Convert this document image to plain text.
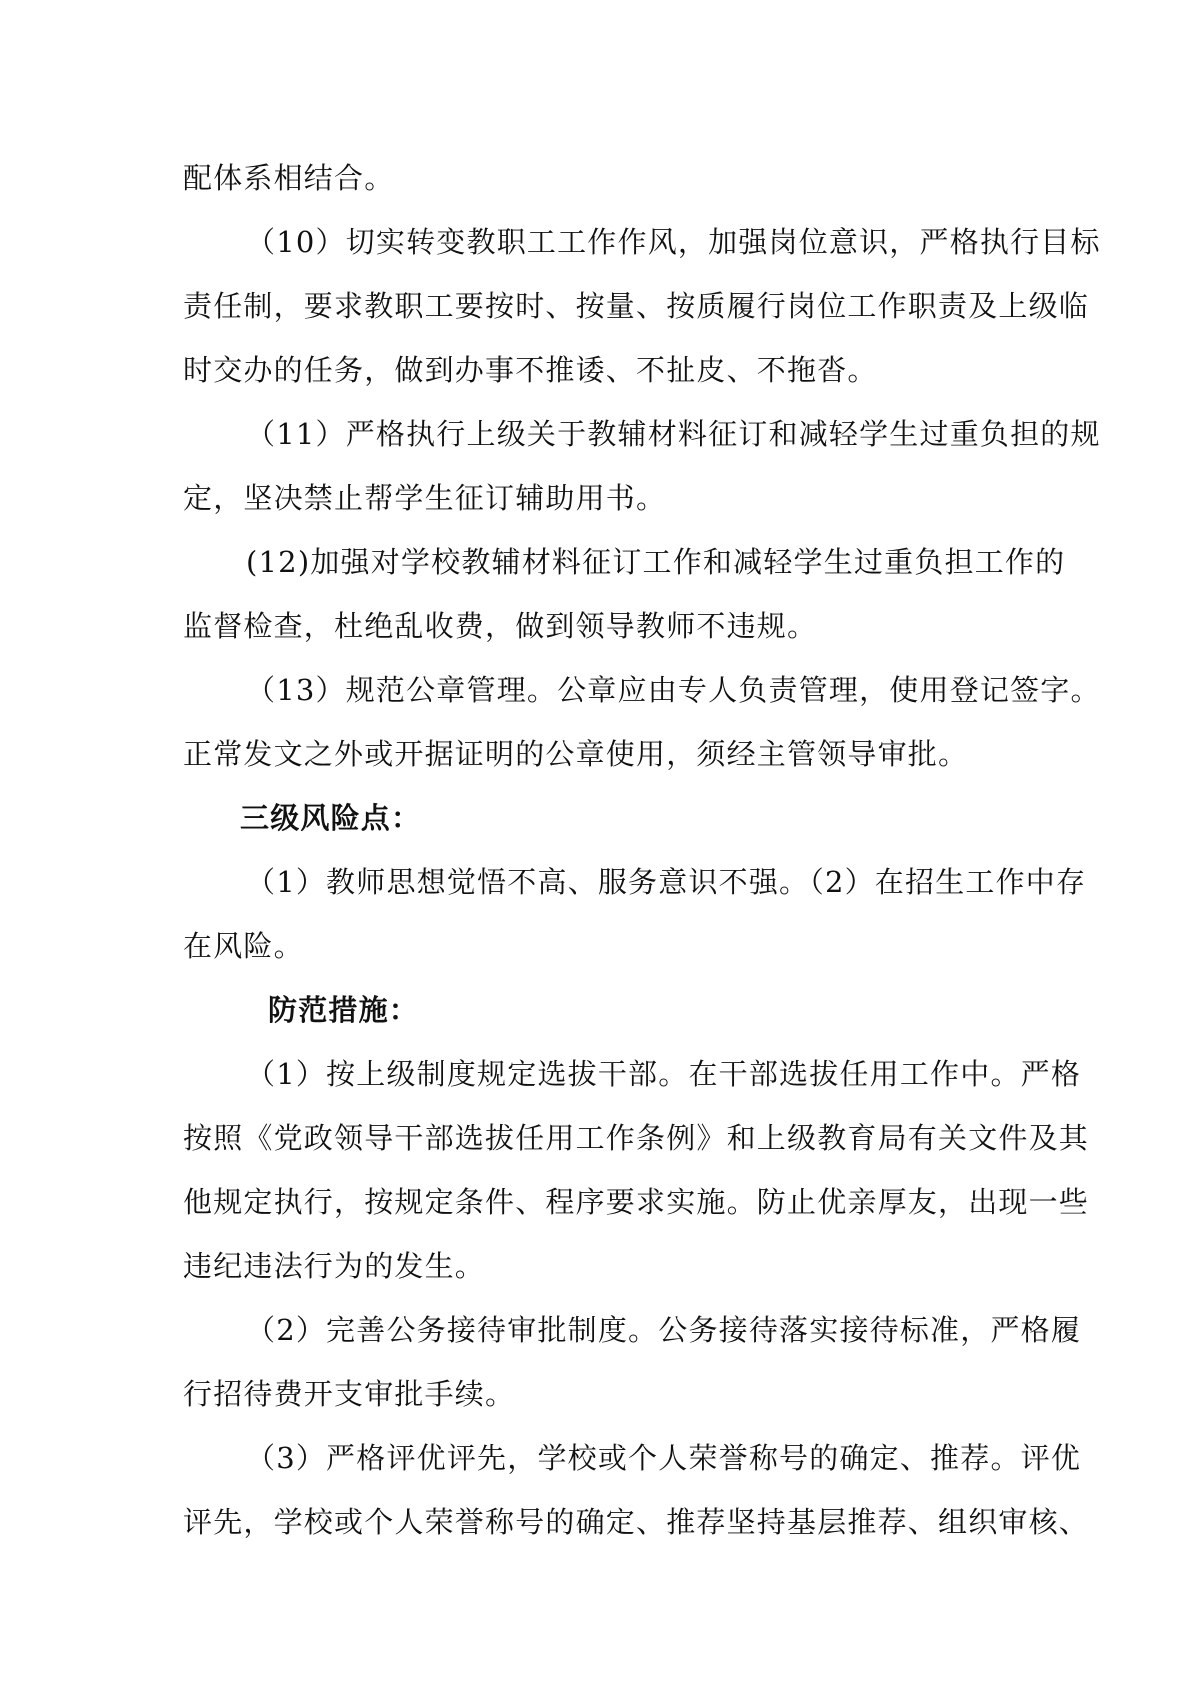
配体系相结合。
（10）切实转变教职工工作作风，加强岗位意识，严格执行目标
责任制，要求教职工要按时、按量、按质履行岗位工作职责及上级临
时交办的任务，做到办事不推诿、不扯皮、不拖沓。
（11）严格执行上级关于教辅材料征订和减轻学生过重负担的规
定，坚决禁止帮学生征订辅助用书。
(12)加强对学校教辅材料征订工作和减轻学生过重负担工作的
监督检查，杜绝乱收费，做到领导教师不违规。
（13）规范公章管理。公章应由专人负责管理，使用登记签字。
正常发文之外或开据证明的公章使用，须经主管领导审批。
三级风险点：
（1）教师思想觉悟不高、服务意识不强。（2）在招生工作中存
在风险。
防范措施：
（1）按上级制度规定选拔干部。在干部选拔任用工作中。严格
按照《党政领导干部选拔任用工作条例》和上级教育局有关文件及其
他规定执行，按规定条件、程序要求实施。防止优亲厚友，出现一些
违纪违法行为的发生。
（2）完善公务接待审批制度。公务接待落实接待标准，严格履
行招待费开支审批手续。
（3）严格评优评先，学校或个人荣誉称号的确定、推荐。评优
评先，学校或个人荣誉称号的确定、推荐坚持基层推荐、组织审核、
